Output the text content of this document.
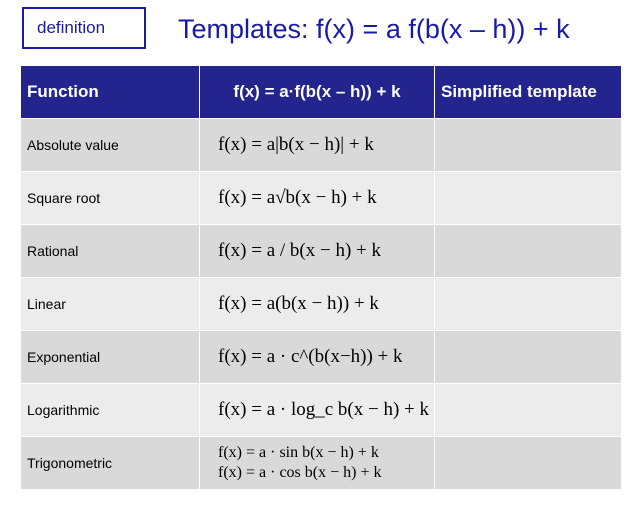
definition	Templates: f(x) = a f(b(x – h)) + k
Function	f(x) = a·f(b(x – h)) + k	Simplified template
Absolute value	f(x) = a|b(x − h)| + k	
Square root	f(x) = a√b(x − h) + k	
Rational	f(x) = a / b(x − h) + k	
Linear	f(x) = a(b(x − h)) + k	
Exponential	f(x) = a · c^(b(x−h)) + k	
Logarithmic	f(x) = a · log_c b(x − h) + k	
Trigonometric	f(x) = a · sin b(x − h) + k
f(x) = a · cos b(x − h) + k	
